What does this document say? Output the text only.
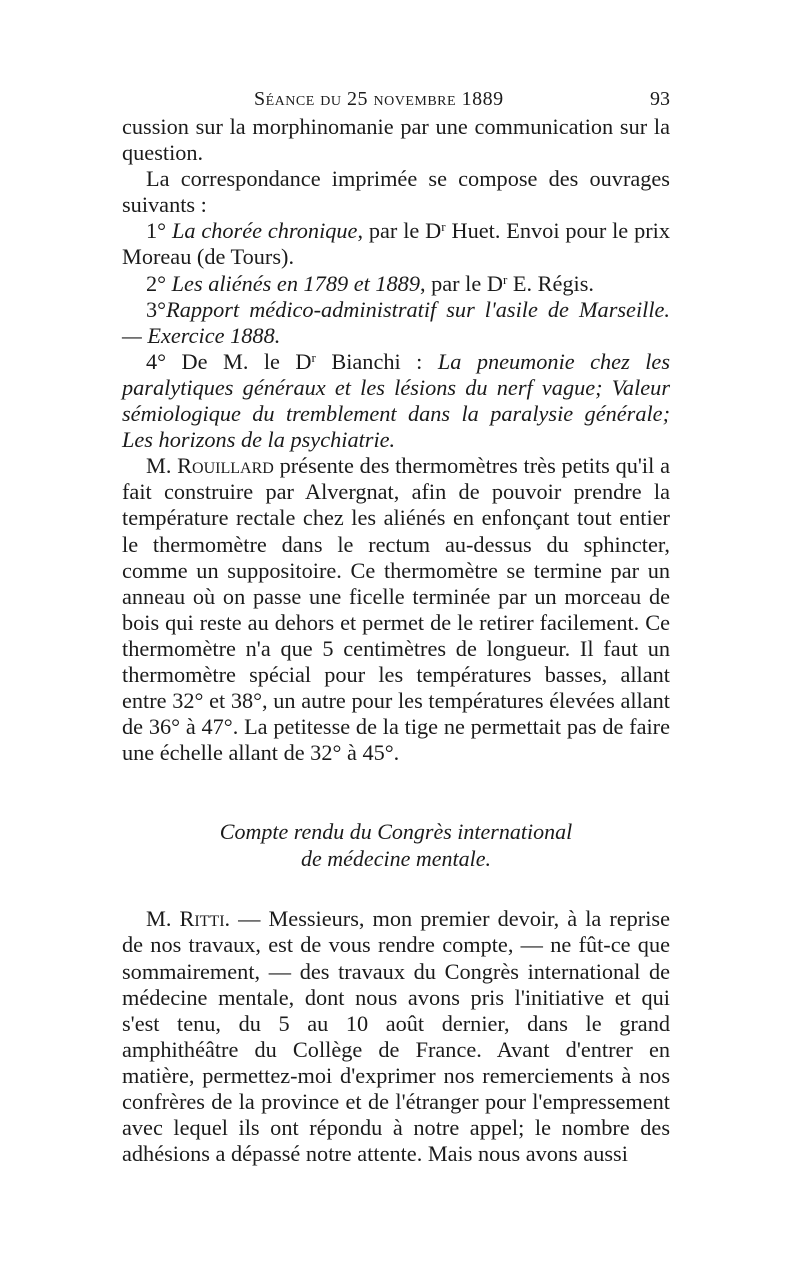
Séance du 25 novembre 1889	93

cussion sur la morphinomanie par une communication sur la question.

La correspondance imprimée se compose des ouvrages suivants :

1° La chorée chronique, par le $D^r$ Huet. Envoi pour le prix Moreau (de Tours).

2° Les aliénés en 1789 et 1889, par le $D^r$ E. Régis.

3°Rapport médico-administratif sur l'asile de Marseille. — Exercice 1888.

4° De M. le $D^r$ Bianchi : La pneumonie chez les paralytiques généraux et les lésions du nerf vague; Valeur sémiologique du tremblement dans la paralysie générale; Les horizons de la psychiatrie.

M. Rouillard présente des thermomètres très petits qu'il a fait construire par Alvergnat, afin de pouvoir prendre la température rectale chez les aliénés en enfonçant tout entier le thermomètre dans le rectum au-dessus du sphincter, comme un suppositoire. Ce thermomètre se termine par un anneau où on passe une ficelle terminée par un morceau de bois qui reste au dehors et permet de le retirer facilement. Ce thermomètre n'a que 5 centimètres de longueur. Il faut un thermomètre spécial pour les températures basses, allant entre 32° et 38°, un autre pour les températures élevées allant de 36° à 47°. La petitesse de la tige ne permettait pas de faire une échelle allant de 32° à 45°.

Compte rendu du Congrès international

de médecine mentale.

M. Ritti. — Messieurs, mon premier devoir, à la reprise de nos travaux, est de vous rendre compte, — ne fût-ce que sommairement, — des travaux du Congrès international de médecine mentale, dont nous avons pris l'initiative et qui s'est tenu, du 5 au 10 août dernier, dans le grand amphithéâtre du Collège de France. Avant d'entrer en matière, permettez-moi d'exprimer nos remerciements à nos confrères de la province et de l'étranger pour l'empressement avec lequel ils ont répondu à notre appel; le nombre des adhésions a dépassé notre attente. Mais nous avons aussi
